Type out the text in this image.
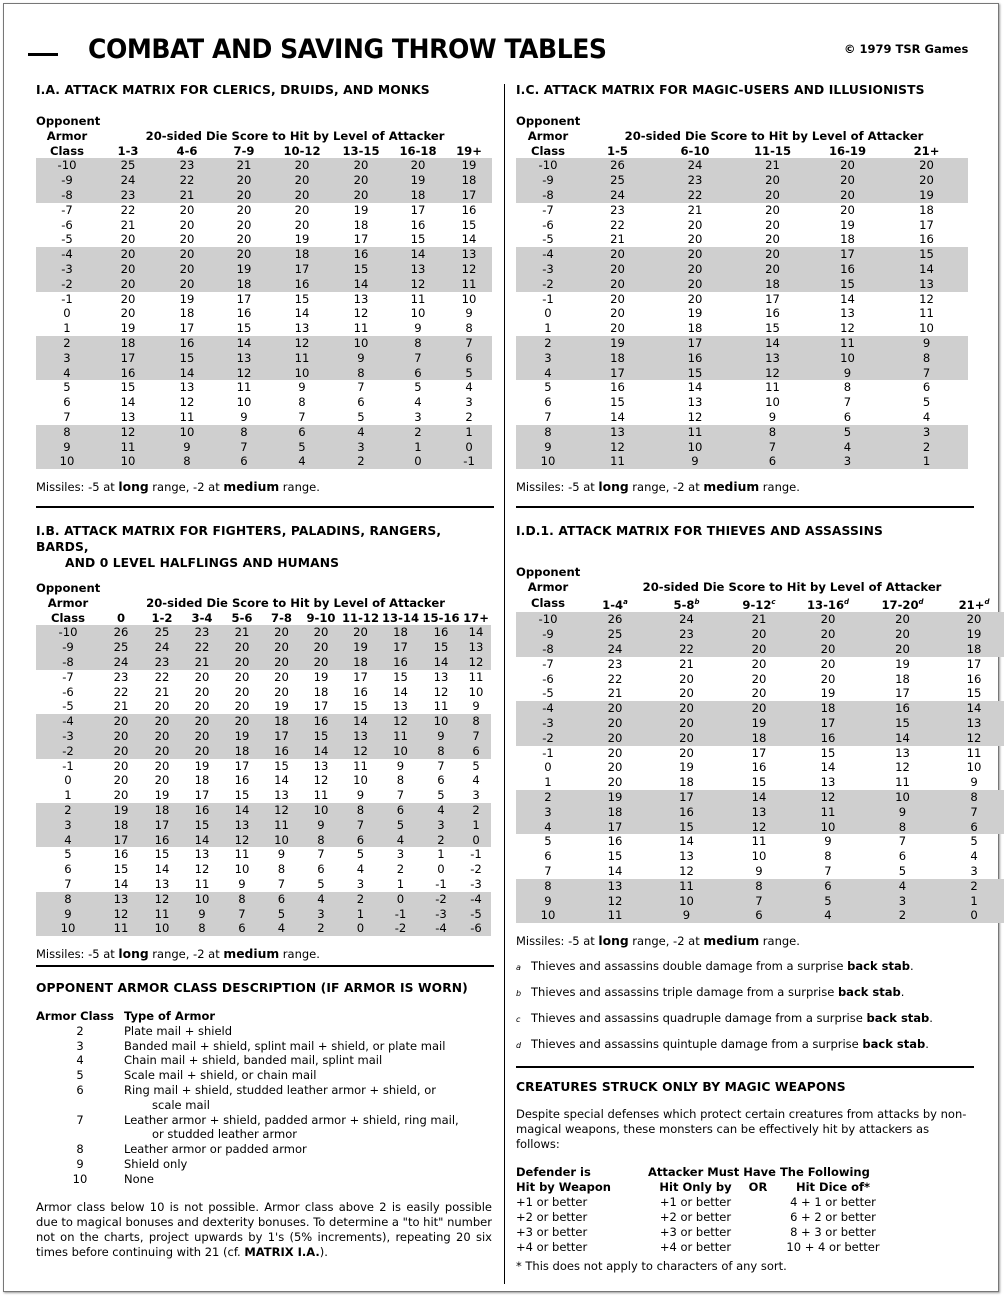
COMBAT AND SAVING THROW TABLES	© 1979 TSR Games
I.A. ATTACK MATRIX FOR CLERICS, DRUIDS, AND MONKS
Opponent							
Armor	20-sided Die Score to Hit by Level of Attacker						
Class	1-3	4-6	7-9	10-12	13-15	16-18	19+
-10	25	23	21	20	20	20	19
-9	24	22	20	20	20	19	18
-8	23	21	20	20	20	18	17
-7	22	20	20	20	19	17	16
-6	21	20	20	20	18	16	15
-5	20	20	20	19	17	15	14
-4	20	20	20	18	16	14	13
-3	20	20	19	17	15	13	12
-2	20	20	18	16	14	12	11
-1	20	19	17	15	13	11	10
0	20	18	16	14	12	10	9
1	19	17	15	13	11	9	8
2	18	16	14	12	10	8	7
3	17	15	13	11	9	7	6
4	16	14	12	10	8	6	5
5	15	13	11	9	7	5	4
6	14	12	10	8	6	4	3
7	13	11	9	7	5	3	2
8	12	10	8	6	4	2	1
9	11	9	7	5	3	1	0
10	10	8	6	4	2	0	-1
Missiles: -5 at long range, -2 at medium range.
I.C. ATTACK MATRIX FOR MAGIC-USERS AND ILLUSIONISTS
Opponent					
Armor	20-sided Die Score to Hit by Level of Attacker				
Class	1-5	6-10	11-15	16-19	21+
-10	26	24	21	20	20
-9	25	23	20	20	20
-8	24	22	20	20	19
-7	23	21	20	20	18
-6	22	20	20	19	17
-5	21	20	20	18	16
-4	20	20	20	17	15
-3	20	20	20	16	14
-2	20	20	18	15	13
-1	20	20	17	14	12
0	20	19	16	13	11
1	20	18	15	12	10
2	19	17	14	11	9
3	18	16	13	10	8
4	17	15	12	9	7
5	16	14	11	8	6
6	15	13	10	7	5
7	14	12	9	6	4
8	13	11	8	5	3
9	12	10	7	4	2
10	11	9	6	3	1
Missiles: -5 at long range, -2 at medium range.
I.B. ATTACK MATRIX FOR FIGHTERS, PALADINS, RANGERS, BARDS,
AND 0 LEVEL HALFLINGS AND HUMANS
Opponent										
Armor	20-sided Die Score to Hit by Level of Attacker									
Class	0	1-2	3-4	5-6	7-8	9-10	11-12	13-14	15-16	17+
-10	26	25	23	21	20	20	20	18	16	14
-9	25	24	22	20	20	20	19	17	15	13
-8	24	23	21	20	20	20	18	16	14	12
-7	23	22	20	20	20	19	17	15	13	11
-6	22	21	20	20	20	18	16	14	12	10
-5	21	20	20	20	19	17	15	13	11	9
-4	20	20	20	20	18	16	14	12	10	8
-3	20	20	20	19	17	15	13	11	9	7
-2	20	20	20	18	16	14	12	10	8	6
-1	20	20	19	17	15	13	11	9	7	5
0	20	20	18	16	14	12	10	8	6	4
1	20	19	17	15	13	11	9	7	5	3
2	19	18	16	14	12	10	8	6	4	2
3	18	17	15	13	11	9	7	5	3	1
4	17	16	14	12	10	8	6	4	2	0
5	16	15	13	11	9	7	5	3	1	-1
6	15	14	12	10	8	6	4	2	0	-2
7	14	13	11	9	7	5	3	1	-1	-3
8	13	12	10	8	6	4	2	0	-2	-4
9	12	11	9	7	5	3	1	-1	-3	-5
10	11	10	8	6	4	2	0	-2	-4	-6
Missiles: -5 at long range, -2 at medium range.
I.D.1. ATTACK MATRIX FOR THIEVES AND ASSASSINS
Opponent						
Armor	20-sided Die Score to Hit by Level of Attacker					
Class	1-4$^a$	5-8$^b$	9-12$^c$	13-16$^d$	17-20$^d$	21+$^d$
-10	26	24	21	20	20	20
-9	25	23	20	20	20	19
-8	24	22	20	20	20	18
-7	23	21	20	20	19	17
-6	22	20	20	20	18	16
-5	21	20	20	19	17	15
-4	20	20	20	18	16	14
-3	20	20	19	17	15	13
-2	20	20	18	16	14	12
-1	20	20	17	15	13	11
0	20	19	16	14	12	10
1	20	18	15	13	11	9
2	19	17	14	12	10	8
3	18	16	13	11	9	7
4	17	15	12	10	8	6
5	16	14	11	9	7	5
6	15	13	10	8	6	4
7	14	12	9	7	5	3
8	13	11	8	6	4	2
9	12	10	7	5	3	1
10	11	9	6	4	2	0
Missiles: -5 at long range, -2 at medium range.
a Thieves and assassins double damage from a surprise back stab.
b Thieves and assassins triple damage from a surprise back stab.
c Thieves and assassins quadruple damage from a surprise back stab.
d Thieves and assassins quintuple damage from a surprise back stab.
OPPONENT ARMOR CLASS DESCRIPTION (IF ARMOR IS WORN)
Armor Class Type of Armor
2	Plate mail + shield
3	Banded mail + shield, splint mail + shield, or plate mail
4	Chain mail + shield, banded mail, splint mail
5	Scale mail + shield, or chain mail
6	Ring mail + shield, studded leather armor + shield, or
scale mail
7	Leather armor + shield, padded armor + shield, ring mail,
or studded leather armor
8	Leather armor or padded armor
9	Shield only
10	None
Armor class below 10 is not possible. Armor class above 2 is easily possible due to magical bonuses and dexterity bonuses. To determine a "to hit" number not on the charts, project upwards by 1's (5% increments), repeating 20 six times before continuing with 21 (cf. MATRIX I.A.).
CREATURES STRUCK ONLY BY MAGIC WEAPONS
Despite special defenses which protect certain creatures from attacks by non-magical weapons, these monsters can be effectively hit by attackers as follows:
Defender is	Attacker Must Have The Following
Hit by Weapon	Hit Only by	OR	Hit Dice of*
+1 or better	+1 or better	4 + 1 or better
+2 or better	+2 or better	6 + 2 or better
+3 or better	+3 or better	8 + 3 or better
+4 or better	+4 or better	10 + 4 or better
* This does not apply to characters of any sort.
